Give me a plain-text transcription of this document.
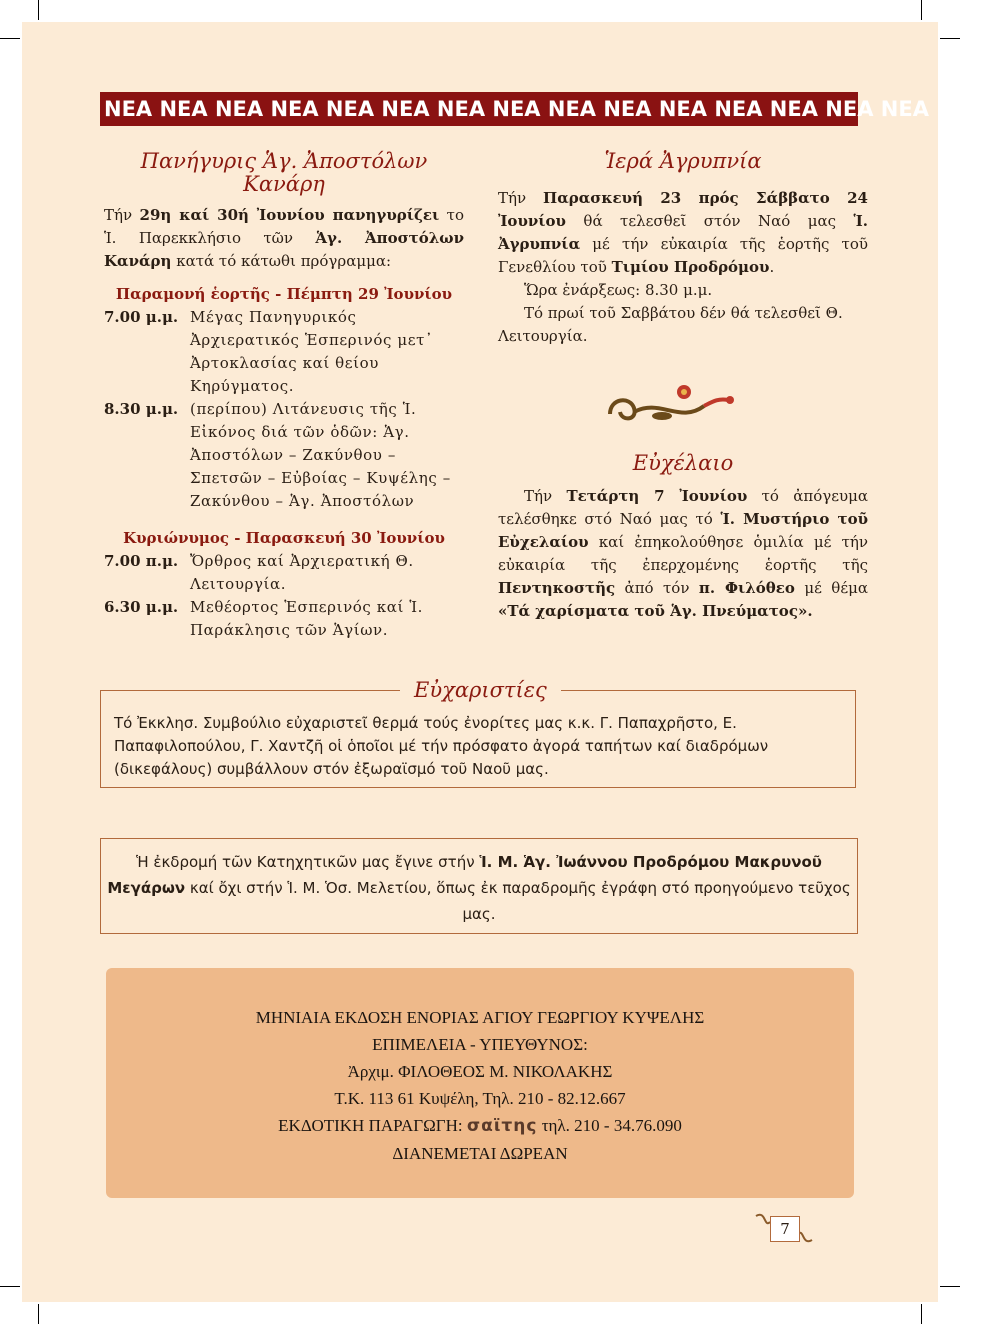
ΝΕΑ ΝΕΑ ΝΕΑ ΝΕΑ ΝΕΑ ΝΕΑ ΝΕΑ ΝΕΑ ΝΕΑ ΝΕΑ ΝΕΑ ΝΕΑ ΝΕΑ ΝΕΑ ΝΕΑ ΝΕΑ
Πανήγυρις Ἁγ. Ἀποστόλων
Κανάρη

Τήν 29η καί 30ή Ἰουνίου πανηγυρίζει το Ἱ. Παρεκκλήσιο τῶν Ἁγ. Ἀποστόλων Κανάρη κατά τό κάτωθι πρόγραμμα:

Παραμονή ἑορτῆς - Πέμπτη 29 Ἰουνίου
7.00 μ.μ. Μέγας Πανηγυρικός Ἀρχιερατικός Ἑσπερινός μετ᾽ Ἀρτοκλασίας καί θείου Κηρύγματος.
8.30 μ.μ. (περίπου) Λιτάνευσις τῆς Ἱ. Εἰκόνος διά τῶν ὁδῶν: Ἁγ. Ἀποστόλων – Ζακύνθου – Σπετσῶν – Εὐβοίας – Κυψέλης – Ζακύνθου – Ἁγ. Ἀποστόλων
Κυριώνυμος - Παρασκευή 30 Ἰουνίου
7.00 π.μ. Ὄρθρος καί Ἀρχιερατική Θ. Λειτουργία.
6.30 μ.μ. Μεθέορτος Ἑσπερινός καί Ἱ. Παράκλησις τῶν Ἁγίων.
Ἱερά Ἀγρυπνία

Τήν Παρασκευή 23 πρός Σάββατο 24 Ἰουνίου θά τελεσθεῖ στόν Ναό μας Ἱ. Ἀγρυπνία μέ τήν εὐκαιρία τῆς ἑορτῆς τοῦ Γενεθλίου τοῦ Τιμίου Προδρόμου.

Ὥρα ἐνάρξεως: 8.30 μ.μ.

Τό πρωί τοῦ Σαββάτου δέν θά τελεσθεῖ Θ. Λειτουργία.

Εὐχέλαιο

Τήν Τετάρτη 7 Ἰουνίου τό ἀπόγευμα τελέσθηκε στό Ναό μας τό Ἱ. Μυστήριο τοῦ Εὐχελαίου καί ἐπηκολούθησε ὁμιλία μέ τήν εὐκαιρία τῆς ἐπερχομένης ἑορτῆς τῆς Πεντηκοστῆς ἀπό τόν π. Φιλόθεο μέ θέμα «Τά χαρίσματα τοῦ Ἁγ. Πνεύματος».

Εὐχαριστίες
Τό Ἐκκλησ. Συμβούλιο εὐχαριστεῖ θερμά τούς ἐνορίτες μας κ.κ. Γ. Παπαχρῆστο, Ε. Παπαφιλοπούλου, Γ. Χαντζῆ οἱ ὁποῖοι μέ τήν πρόσφατο ἀγορά ταπήτων καί διαδρόμων (δικεφάλους) συμβάλλουν στόν ἐξωραϊσμό τοῦ Ναοῦ μας.
Ἡ ἐκδρομή τῶν Κατηχητικῶν μας ἔγινε στήν Ἱ. Μ. Ἁγ. Ἰωάννου Προδρόμου Μακρυνοῦ Μεγάρων καί ὄχι στήν Ἱ. Μ. Ὁσ. Μελετίου, ὅπως ἐκ παραδρομῆς ἐγράφη στό προηγούμενο τεῦχος μας.
ΜΗΝΙΑΙΑ ΕΚΔΟΣΗ ΕΝΟΡΙΑΣ ΑΓΙΟΥ ΓΕΩΡΓΙΟΥ ΚΥΨΕΛΗΣ
ΕΠΙΜΕΛΕΙΑ - ΥΠΕΥΘΥΝΟΣ:
Ἀρχιμ. ΦΙΛΟΘΕΟΣ Μ. ΝΙΚΟΛΑΚΗΣ
Τ.Κ. 113 61 Κυψέλη, Τηλ. 210 - 82.12.667
ΕΚΔΟΤΙΚΗ ΠΑΡΑΓΩΓΗ: σαϊτης τηλ. 210 - 34.76.090
ΔΙΑΝΕΜΕΤΑΙ ΔΩΡΕΑΝ
7
